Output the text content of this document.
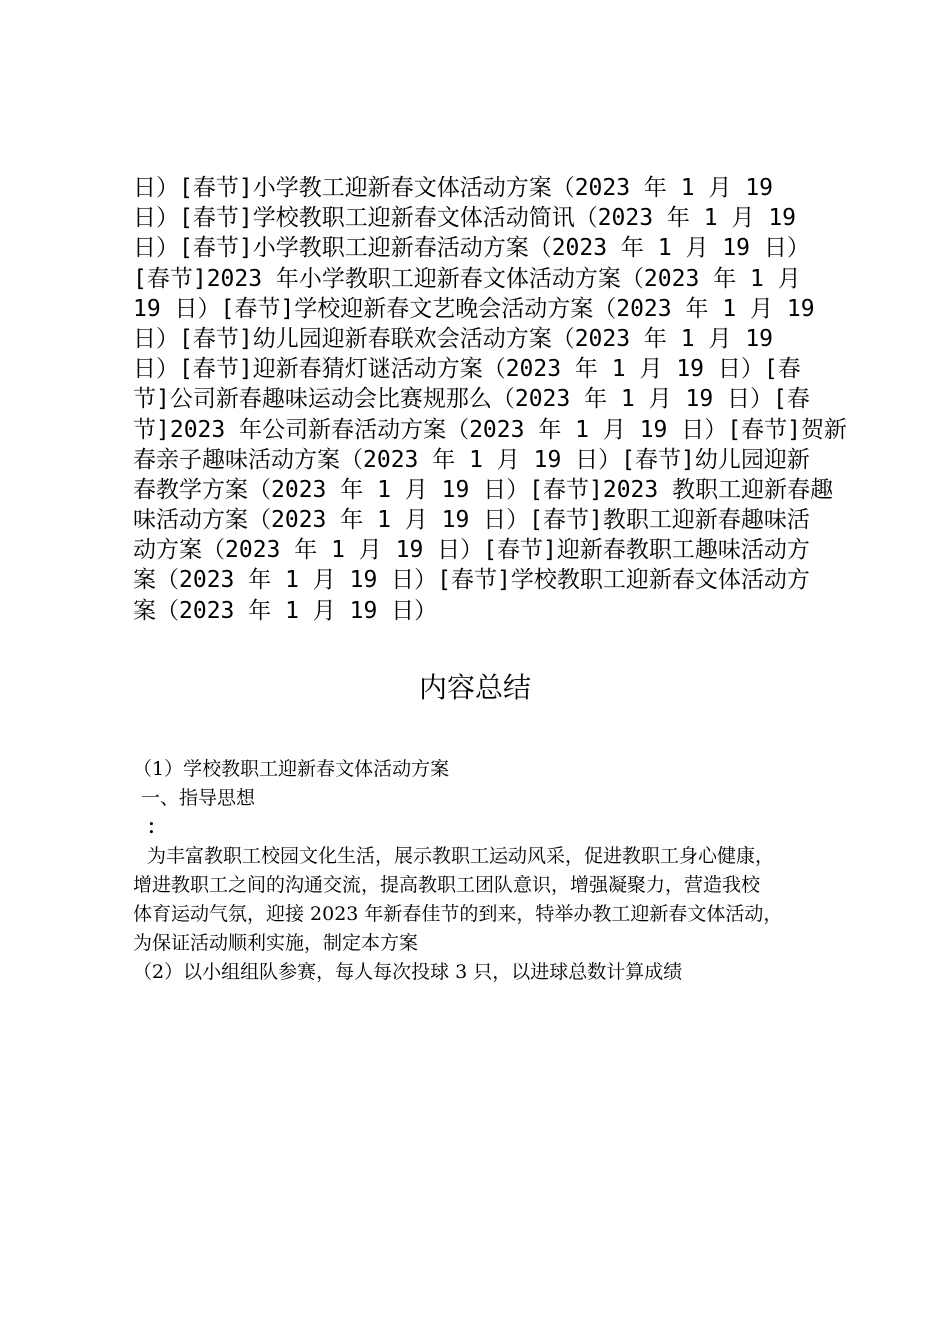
日）[春节]小学教工迎新春文体活动方案（2023 年 1 月 19
日）[春节]学校教职工迎新春文体活动简讯（2023 年 1 月 19
日）[春节]小学教职工迎新春活动方案（2023 年 1 月 19 日）
[春节]2023 年小学教职工迎新春文体活动方案（2023 年 1 月
19 日）[春节]学校迎新春文艺晚会活动方案（2023 年 1 月 19
日）[春节]幼儿园迎新春联欢会活动方案（2023 年 1 月 19
日）[春节]迎新春猜灯谜活动方案（2023 年 1 月 19 日）[春
节]公司新春趣味运动会比赛规那么（2023 年 1 月 19 日）[春
节]2023 年公司新春活动方案（2023 年 1 月 19 日）[春节]贺新
春亲子趣味活动方案（2023 年 1 月 19 日）[春节]幼儿园迎新
春教学方案（2023 年 1 月 19 日）[春节]2023 教职工迎新春趣
味活动方案（2023 年 1 月 19 日）[春节]教职工迎新春趣味活
动方案（2023 年 1 月 19 日）[春节]迎新春教职工趣味活动方
案（2023 年 1 月 19 日）[春节]学校教职工迎新春文体活动方
案（2023 年 1 月 19 日）
内容总结
（1）学校教职工迎新春文体活动方案
一、指导思想
：
为丰富教职工校园文化生活，展示教职工运动风采，促进教职工身心健康，
增进教职工之间的沟通交流，提高教职工团队意识，增强凝聚力，营造我校
体育运动气氛，迎接 2023 年新春佳节的到来，特举办教工迎新春文体活动，
为保证活动顺利实施，制定本方案
（2）以小组组队参赛，每人每次投球 3 只，以进球总数计算成绩
